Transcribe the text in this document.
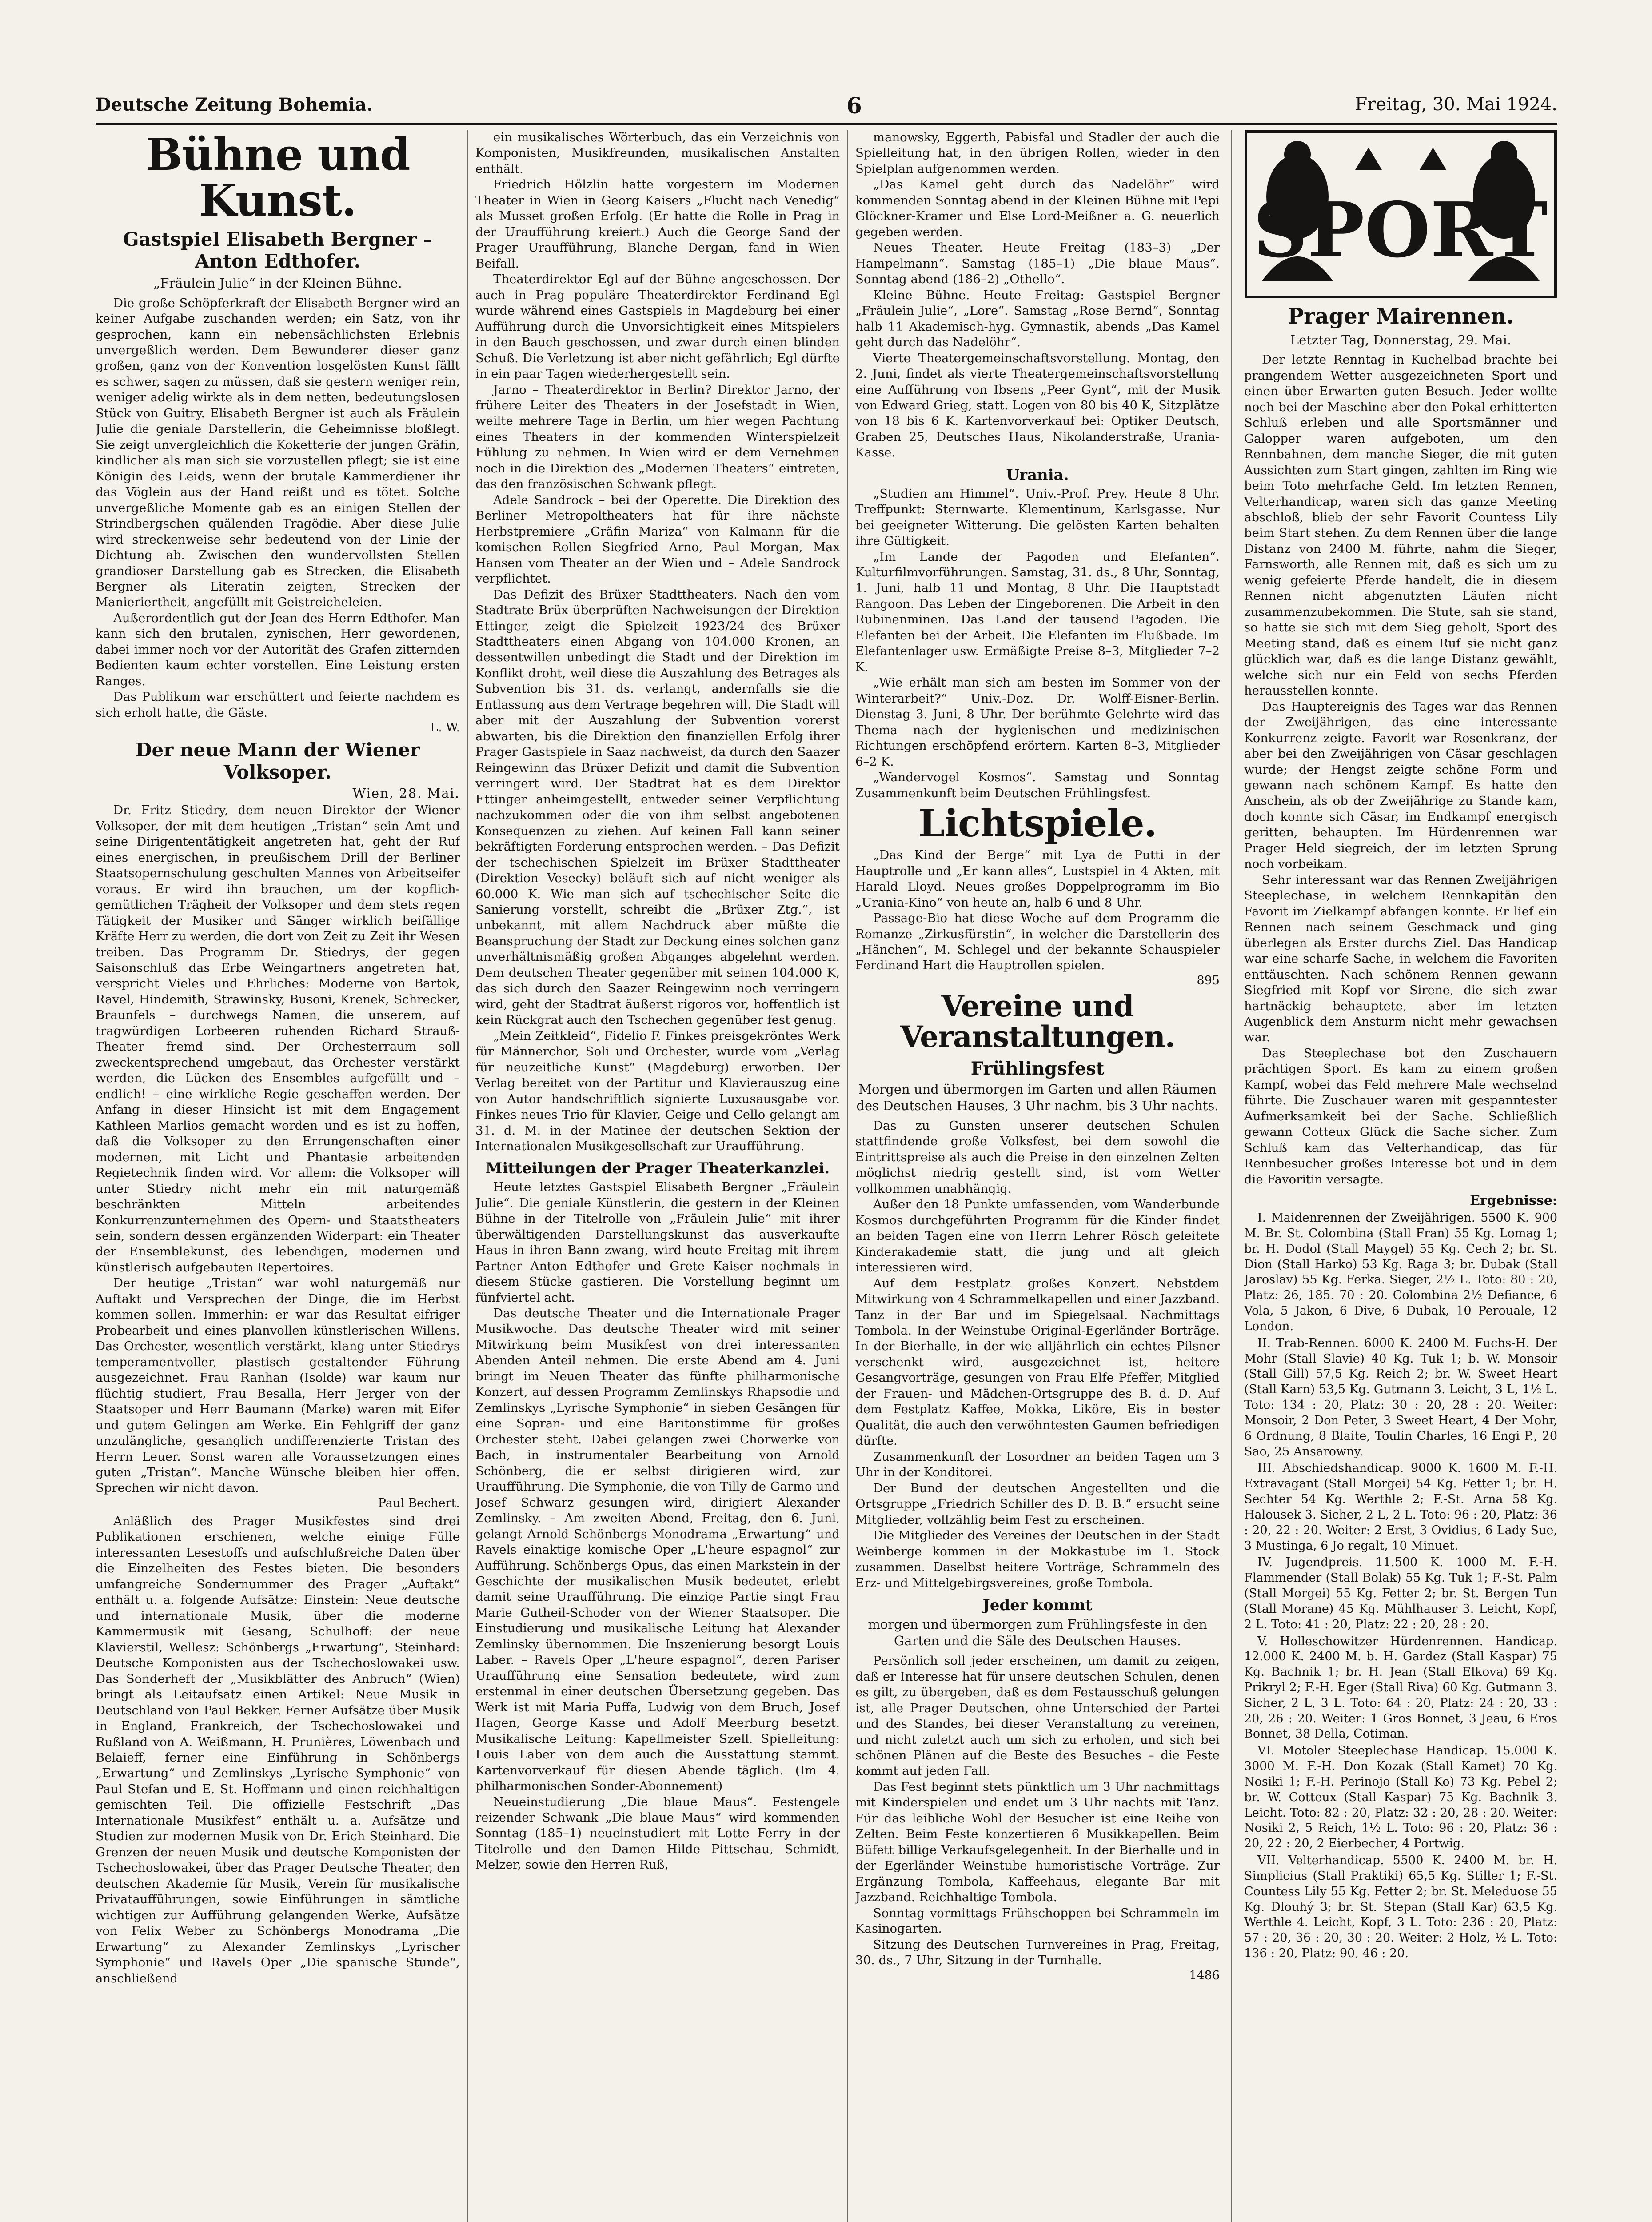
Deutsche Zeitung Bohemia.	6	Freitag, 30. Mai 1924.
Bühne und Kunst.
Gastspiel Elisabeth Bergner – Anton Edthofer.
„Fräulein Julie“ in der Kleinen Bühne.

Die große Schöpferkraft der Elisabeth Bergner wird an keiner Aufgabe zuschanden werden; ein Satz, von ihr gesprochen, kann ein nebensächlichsten Erlebnis unvergeßlich werden. Dem Bewunderer dieser ganz großen, ganz von der Konvention losgelösten Kunst fällt es schwer, sagen zu müssen, daß sie gestern weniger rein, weniger adelig wirkte als in dem netten, bedeutungslosen Stück von Guitry. Elisabeth Bergner ist auch als Fräulein Julie die geniale Darstellerin, die Geheimnisse bloßlegt. Sie zeigt unvergleichlich die Koketterie der jungen Gräfin, kindlicher als man sich sie vorzustellen pflegt; sie ist eine Königin des Leids, wenn der brutale Kammerdiener ihr das Vöglein aus der Hand reißt und es tötet. Solche unvergeßliche Momente gab es an einigen Stellen der Strindbergschen quälenden Tragödie. Aber diese Julie wird streckenweise sehr bedeutend von der Linie der Dichtung ab. Zwischen den wundervollsten Stellen grandioser Darstellung gab es Strecken, die Elisabeth Bergner als Literatin zeigten, Strecken der Manieriertheit, angefüllt mit Geistreicheleien.

Außerordentlich gut der Jean des Herrn Edthofer. Man kann sich den brutalen, zynischen, Herr gewordenen, dabei immer noch vor der Autorität des Grafen zitternden Bedienten kaum echter vorstellen. Eine Leistung ersten Ranges.

Das Publikum war erschüttert und feierte nachdem es sich erholt hatte, die Gäste.

L. W.
Der neue Mann der Wiener Volksoper.
Wien, 28. Mai.

Dr. Fritz Stiedry, dem neuen Direktor der Wiener Volksoper, der mit dem heutigen „Tristan“ sein Amt und seine Dirigententätigkeit angetreten hat, geht der Ruf eines energischen, in preußischem Drill der Berliner Staatsopernschulung geschulten Mannes von Arbeitseifer voraus. Er wird ihn brauchen, um der kopflich-gemütlichen Trägheit der Volksoper und dem stets regen Tätigkeit der Musiker und Sänger wirklich beifällige Kräfte Herr zu werden, die dort von Zeit zu Zeit ihr Wesen treiben. Das Programm Dr. Stiedrys, der gegen Saisonschluß das Erbe Weingartners angetreten hat, verspricht Vieles und Ehrliches: Moderne von Bartok, Ravel, Hindemith, Strawinsky, Busoni, Krenek, Schrecker, Braunfels – durchwegs Namen, die unserem, auf tragwürdigen Lorbeeren ruhenden Richard Strauß-Theater fremd sind. Der Orchesterraum soll zweckentsprechend umgebaut, das Orchester verstärkt werden, die Lücken des Ensembles aufgefüllt und – endlich! – eine wirkliche Regie geschaffen werden. Der Anfang in dieser Hinsicht ist mit dem Engagement Kathleen Marlios gemacht worden und es ist zu hoffen, daß die Volksoper zu den Errungenschaften einer modernen, mit Licht und Phantasie arbeitenden Regietechnik finden wird. Vor allem: die Volksoper will unter Stiedry nicht mehr ein mit naturgemäß beschränkten Mitteln arbeitendes Konkurrenzunternehmen des Opern- und Staatstheaters sein, sondern dessen ergänzenden Widerpart: ein Theater der Ensemblekunst, des lebendigen, modernen und künstlerisch aufgebauten Repertoires.

Der heutige „Tristan“ war wohl naturgemäß nur Auftakt und Versprechen der Dinge, die im Herbst kommen sollen. Immerhin: er war das Resultat eifriger Probearbeit und eines planvollen künstlerischen Willens. Das Orchester, wesentlich verstärkt, klang unter Stiedrys temperamentvoller, plastisch gestaltender Führung ausgezeichnet. Frau Ranhan (Isolde) war kaum nur flüchtig studiert, Frau Besalla, Herr Jerger von der Staatsoper und Herr Baumann (Marke) waren mit Eifer und gutem Gelingen am Werke. Ein Fehlgriff der ganz unzulängliche, gesanglich undifferenzierte Tristan des Herrn Leuer. Sonst waren alle Voraussetzungen eines guten „Tristan“. Manche Wünsche bleiben hier offen. Sprechen wir nicht davon.

Paul Bechert.

Anläßlich des Prager Musikfestes sind drei Publikationen erschienen, welche einige Fülle interessanten Lesestoffs und aufschlußreiche Daten über die Einzelheiten des Festes bieten. Die besonders umfangreiche Sondernummer des Prager „Auftakt“ enthält u. a. folgende Aufsätze: Einstein: Neue deutsche und internationale Musik, über die moderne Kammermusik mit Gesang, Schulhoff: der neue Klavierstil, Wellesz: Schönbergs „Erwartung“, Steinhard: Deutsche Komponisten aus der Tschechoslowakei usw. Das Sonderheft der „Musikblätter des Anbruch“ (Wien) bringt als Leitaufsatz einen Artikel: Neue Musik in Deutschland von Paul Bekker. Ferner Aufsätze über Musik in England, Frankreich, der Tschechoslowakei und Rußland von A. Weißmann, H. Prunières, Löwenbach und Belaieff, ferner eine Einführung in Schönbergs „Erwartung“ und Zemlinskys „Lyrische Symphonie“ von Paul Stefan und E. St. Hoffmann und einen reichhaltigen gemischten Teil. Die offizielle Festschrift „Das Internationale Musikfest“ enthält u. a. Aufsätze und Studien zur modernen Musik von Dr. Erich Steinhard. Die Grenzen der neuen Musik und deutsche Komponisten der Tschechoslowakei, über das Prager Deutsche Theater, den deutschen Akademie für Musik, Verein für musikalische Privataufführungen, sowie Einführungen in sämtliche wichtigen zur Aufführung gelangenden Werke, Aufsätze von Felix Weber zu Schönbergs Monodrama „Die Erwartung“ zu Alexander Zemlinskys „Lyrischer Symphonie“ und Ravels Oper „Die spanische Stunde“, anschließend

ein musikalisches Wörterbuch, das ein Verzeichnis von Komponisten, Musikfreunden, musikalischen Anstalten enthält.

Friedrich Hölzlin hatte vorgestern im Modernen Theater in Wien in Georg Kaisers „Flucht nach Venedig“ als Musset großen Erfolg. (Er hatte die Rolle in Prag in der Uraufführung kreiert.) Auch die George Sand der Prager Uraufführung, Blanche Dergan, fand in Wien Beifall.

Theaterdirektor Egl auf der Bühne angeschossen. Der auch in Prag populäre Theaterdirektor Ferdinand Egl wurde während eines Gastspiels in Magdeburg bei einer Aufführung durch die Unvorsichtigkeit eines Mitspielers in den Bauch geschossen, und zwar durch einen blinden Schuß. Die Verletzung ist aber nicht gefährlich; Egl dürfte in ein paar Tagen wiederhergestellt sein.

Jarno – Theaterdirektor in Berlin? Direktor Jarno, der frühere Leiter des Theaters in der Josefstadt in Wien, weilte mehrere Tage in Berlin, um hier wegen Pachtung eines Theaters in der kommenden Winterspielzeit Fühlung zu nehmen. In Wien wird er dem Vernehmen noch in die Direktion des „Modernen Theaters“ eintreten, das den französischen Schwank pflegt.

Adele Sandrock – bei der Operette. Die Direktion des Berliner Metropoltheaters hat für ihre nächste Herbstpremiere „Gräfin Mariza“ von Kalmann für die komischen Rollen Siegfried Arno, Paul Morgan, Max Hansen vom Theater an der Wien und – Adele Sandrock verpflichtet.

Das Defizit des Brüxer Stadttheaters. Nach den vom Stadtrate Brüx überprüften Nachweisungen der Direktion Ettinger, zeigt die Spielzeit 1923/24 des Brüxer Stadttheaters einen Abgang von 104.000 Kronen, an dessentwillen unbedingt die Stadt und der Direktion im Konflikt droht, weil diese die Auszahlung des Betrages als Subvention bis 31. ds. verlangt, andernfalls sie die Entlassung aus dem Vertrage begehren will. Die Stadt will aber mit der Auszahlung der Subvention vorerst abwarten, bis die Direktion den finanziellen Erfolg ihrer Prager Gastspiele in Saaz nachweist, da durch den Saazer Reingewinn das Brüxer Defizit und damit die Subvention verringert wird. Der Stadtrat hat es dem Direktor Ettinger anheimgestellt, entweder seiner Verpflichtung nachzukommen oder die von ihm selbst angebotenen Konsequenzen zu ziehen. Auf keinen Fall kann seiner bekräftigten Forderung entsprochen werden. – Das Defizit der tschechischen Spielzeit im Brüxer Stadttheater (Direktion Vesecky) beläuft sich auf nicht weniger als 60.000 K. Wie man sich auf tschechischer Seite die Sanierung vorstellt, schreibt die „Brüxer Ztg.“, ist unbekannt, mit allem Nachdruck aber müßte die Beanspruchung der Stadt zur Deckung eines solchen ganz unverhältnismäßig großen Abganges abgelehnt werden. Dem deutschen Theater gegenüber mit seinen 104.000 K, das sich durch den Saazer Reingewinn noch verringern wird, geht der Stadtrat äußerst rigoros vor, hoffentlich ist kein Rückgrat auch den Tschechen gegenüber fest genug.

„Mein Zeitkleid“, Fidelio F. Finkes preisgekröntes Werk für Männerchor, Soli und Orchester, wurde vom „Verlag für neuzeitliche Kunst“ (Magdeburg) erworben. Der Verlag bereitet von der Partitur und Klavierauszug eine von Autor handschriftlich signierte Luxusausgabe vor. Finkes neues Trio für Klavier, Geige und Cello gelangt am 31. d. M. in der Matinee der deutschen Sektion der Internationalen Musikgesellschaft zur Uraufführung.

Mitteilungen der Prager Theaterkanzlei.

Heute letztes Gastspiel Elisabeth Bergner „Fräulein Julie“. Die geniale Künstlerin, die gestern in der Kleinen Bühne in der Titelrolle von „Fräulein Julie“ mit ihrer überwältigenden Darstellungskunst das ausverkaufte Haus in ihren Bann zwang, wird heute Freitag mit ihrem Partner Anton Edthofer und Grete Kaiser nochmals in diesem Stücke gastieren. Die Vorstellung beginnt um fünfviertel acht.

Das deutsche Theater und die Internationale Prager Musikwoche. Das deutsche Theater wird mit seiner Mitwirkung beim Musikfest von drei interessanten Abenden Anteil nehmen. Die erste Abend am 4. Juni bringt im Neuen Theater das fünfte philharmonische Konzert, auf dessen Programm Zemlinskys Rhapsodie und Zemlinskys „Lyrische Symphonie“ in sieben Gesängen für eine Sopran- und eine Baritonstimme für großes Orchester steht. Dabei gelangen zwei Chorwerke von Bach, in instrumentaler Bearbeitung von Arnold Schönberg, die er selbst dirigieren wird, zur Uraufführung. Die Symphonie, die von Tilly de Garmo und Josef Schwarz gesungen wird, dirigiert Alexander Zemlinsky. – Am zweiten Abend, Freitag, den 6. Juni, gelangt Arnold Schönbergs Monodrama „Erwartung“ und Ravels einaktige komische Oper „L'heure espagnol“ zur Aufführung. Schönbergs Opus, das einen Markstein in der Geschichte der musikalischen Musik bedeutet, erlebt damit seine Uraufführung. Die einzige Partie singt Frau Marie Gutheil-Schoder von der Wiener Staatsoper. Die Einstudierung und musikalische Leitung hat Alexander Zemlinsky übernommen. Die Inszenierung besorgt Louis Laber. – Ravels Oper „L'heure espagnol“, deren Pariser Uraufführung eine Sensation bedeutete, wird zum erstenmal in einer deutschen Übersetzung gegeben. Das Werk ist mit Maria Puffa, Ludwig von dem Bruch, Josef Hagen, George Kasse und Adolf Meerburg besetzt. Musikalische Leitung: Kapellmeister Szell. Spielleitung: Louis Laber von dem auch die Ausstattung stammt. Kartenvorverkauf für diesen Abende täglich. (Im 4. philharmonischen Sonder-Abonnement)

Neueinstudierung „Die blaue Maus“. Festengele reizender Schwank „Die blaue Maus“ wird kommenden Sonntag (185–1) neueinstudiert mit Lotte Ferry in der Titelrolle und den Damen Hilde Pittschau, Schmidt, Melzer, sowie den Herren Ruß,

manowsky, Eggerth, Pabisfal und Stadler der auch die Spielleitung hat, in den übrigen Rollen, wieder in den Spielplan aufgenommen werden.

„Das Kamel geht durch das Nadelöhr“ wird kommenden Sonntag abend in der Kleinen Bühne mit Pepi Glöckner-Kramer und Else Lord-Meißner a. G. neuerlich gegeben werden.

Neues Theater. Heute Freitag (183–3) „Der Hampelmann“. Samstag (185–1) „Die blaue Maus“. Sonntag abend (186–2) „Othello“.

Kleine Bühne. Heute Freitag: Gastspiel Bergner „Fräulein Julie“, „Lore“. Samstag „Rose Bernd“, Sonntag halb 11 Akademisch-hyg. Gymnastik, abends „Das Kamel geht durch das Nadelöhr“.

Vierte Theatergemeinschaftsvorstellung. Montag, den 2. Juni, findet als vierte Theatergemeinschaftsvorstellung eine Aufführung von Ibsens „Peer Gynt“, mit der Musik von Edward Grieg, statt. Logen von 80 bis 40 K, Sitzplätze von 18 bis 6 K. Kartenvorverkauf bei: Optiker Deutsch, Graben 25, Deutsches Haus, Nikolanderstraße, Urania-Kasse.

Urania.

„Studien am Himmel“. Univ.-Prof. Prey. Heute 8 Uhr. Treffpunkt: Sternwarte. Klementinum, Karlsgasse. Nur bei geeigneter Witterung. Die gelösten Karten behalten ihre Gültigkeit.

„Im Lande der Pagoden und Elefanten“. Kulturfilmvorführungen. Samstag, 31. ds., 8 Uhr, Sonntag, 1. Juni, halb 11 und Montag, 8 Uhr. Die Hauptstadt Rangoon. Das Leben der Eingeborenen. Die Arbeit in den Rubinenminen. Das Land der tausend Pagoden. Die Elefanten bei der Arbeit. Die Elefanten im Flußbade. Im Elefantenlager usw. Ermäßigte Preise 8–3, Mitglieder 7–2 K.

„Wie erhält man sich am besten im Sommer von der Winterarbeit?“ Univ.-Doz. Dr. Wolff-Eisner-Berlin. Dienstag 3. Juni, 8 Uhr. Der berühmte Gelehrte wird das Thema nach der hygienischen und medizinischen Richtungen erschöpfend erörtern. Karten 8–3, Mitglieder 6–2 K.

„Wandervogel Kosmos“. Samstag und Sonntag Zusammenkunft beim Deutschen Frühlingsfest.

Lichtspiele.

„Das Kind der Berge“ mit Lya de Putti in der Hauptrolle und „Er kann alles“, Lustspiel in 4 Akten, mit Harald Lloyd. Neues großes Doppelprogramm im Bio „Urania-Kino“ von heute an, halb 6 und 8 Uhr.

Passage-Bio hat diese Woche auf dem Programm die Romanze „Zirkusfürstin“, in welcher die Darstellerin des „Hänchen“, M. Schlegel und der bekannte Schauspieler Ferdinand Hart die Hauptrollen spielen.

895
Vereine und Veranstaltungen.
Frühlingsfest
Morgen und übermorgen im Garten und allen Räumen des Deutschen Hauses, 3 Uhr nachm. bis 3 Uhr nachts.

Das zu Gunsten unserer deutschen Schulen stattfindende große Volksfest, bei dem sowohl die Eintrittspreise als auch die Preise in den einzelnen Zelten möglichst niedrig gestellt sind, ist vom Wetter vollkommen unabhängig.

Außer den 18 Punkte umfassenden, vom Wanderbunde Kosmos durchgeführten Programm für die Kinder findet an beiden Tagen eine von Herrn Lehrer Rösch geleitete Kinderakademie statt, die jung und alt gleich interessieren wird.

Auf dem Festplatz großes Konzert. Nebstdem Mitwirkung von 4 Schrammelkapellen und einer Jazzband. Tanz in der Bar und im Spiegelsaal. Nachmittags Tombola. In der Weinstube Original-Egerländer Borträge. In der Bierhalle, in der wie alljährlich ein echtes Pilsner verschenkt wird, ausgezeichnet ist, heitere Gesangvorträge, gesungen von Frau Elfe Pfeffer, Mitglied der Frauen- und Mädchen-Ortsgruppe des B. d. D. Auf dem Festplatz Kaffee, Mokka, Liköre, Eis in bester Qualität, die auch den verwöhntesten Gaumen befriedigen dürfte.

Zusammenkunft der Losordner an beiden Tagen um 3 Uhr in der Konditorei.

Der Bund der deutschen Angestellten und die Ortsgruppe „Friedrich Schiller des D. B. B.“ ersucht seine Mitglieder, vollzählig beim Fest zu erscheinen.

Die Mitglieder des Vereines der Deutschen in der Stadt Weinberge kommen in der Mokkastube im 1. Stock zusammen. Daselbst heitere Vorträge, Schrammeln des Erz- und Mittelgebirgsvereines, große Tombola.

Jeder kommt
morgen und übermorgen zum Frühlingsfeste in den Garten und die Säle des Deutschen Hauses.

Persönlich soll jeder erscheinen, um damit zu zeigen, daß er Interesse hat für unsere deutschen Schulen, denen es gilt, zu übergeben, daß es dem Festausschuß gelungen ist, alle Prager Deutschen, ohne Unterschied der Partei und des Standes, bei dieser Veranstaltung zu vereinen, und nicht zuletzt auch um sich zu erholen, und sich bei schönen Plänen auf die Beste des Besuches – die Feste kommt auf jeden Fall.

Das Fest beginnt stets pünktlich um 3 Uhr nachmittags mit Kinderspielen und endet um 3 Uhr nachts mit Tanz. Für das leibliche Wohl der Besucher ist eine Reihe von Zelten. Beim Feste konzertieren 6 Musikkapellen. Beim Büfett billige Verkaufsgelegenheit. In der Bierhalle und in der Egerländer Weinstube humoristische Vorträge. Zur Ergänzung Tombola, Kaffeehaus, elegante Bar mit Jazzband. Reichhaltige Tombola.

Sonntag vormittags Frühschoppen bei Schrammeln im Kasinogarten.

Sitzung des Deutschen Turnvereines in Prag, Freitag, 30. ds., 7 Uhr, Sitzung in der Turnhalle.

1486
SPORT
Prager Mairennen.
Letzter Tag, Donnerstag, 29. Mai.

Der letzte Renntag in Kuchelbad brachte bei prangendem Wetter ausgezeichneten Sport und einen über Erwarten guten Besuch. Jeder wollte noch bei der Maschine aber den Pokal erhitterten Schluß erleben und alle Sportsmänner und Galopper waren aufgeboten, um den Rennbahnen, dem manche Sieger, die mit guten Aussichten zum Start gingen, zahlten im Ring wie beim Toto mehrfache Geld. Im letzten Rennen, Velterhandicap, waren sich das ganze Meeting abschloß, blieb der sehr Favorit Countess Lily beim Start stehen. Zu dem Rennen über die lange Distanz von 2400 M. führte, nahm die Sieger, Farnsworth, alle Rennen mit, daß es sich um zu wenig gefeierte Pferde handelt, die in diesem Rennen nicht abgenutzten Läufen nicht zusammenzubekommen. Die Stute, sah sie stand, so hatte sie sich mit dem Sieg geholt, Sport des Meeting stand, daß es einem Ruf sie nicht ganz glücklich war, daß es die lange Distanz gewählt, welche sich nur ein Feld von sechs Pferden herausstellen konnte.

Das Hauptereignis des Tages war das Rennen der Zweijährigen, das eine interessante Konkurrenz zeigte. Favorit war Rosenkranz, der aber bei den Zweijährigen von Cäsar geschlagen wurde; der Hengst zeigte schöne Form und gewann nach schönem Kampf. Es hatte den Anschein, als ob der Zweijährige zu Stande kam, doch konnte sich Cäsar, im Endkampf energisch geritten, behaupten. Im Hürdenrennen war Prager Held siegreich, der im letzten Sprung noch vorbeikam.

Sehr interessant war das Rennen Zweijährigen Steeplechase, in welchem Rennkapitän den Favorit im Zielkampf abfangen konnte. Er lief ein Rennen nach seinem Geschmack und ging überlegen als Erster durchs Ziel. Das Handicap war eine scharfe Sache, in welchem die Favoriten enttäuschten. Nach schönem Rennen gewann Siegfried mit Kopf vor Sirene, die sich zwar hartnäckig behauptete, aber im letzten Augenblick dem Ansturm nicht mehr gewachsen war.

Das Steeplechase bot den Zuschauern prächtigen Sport. Es kam zu einem großen Kampf, wobei das Feld mehrere Male wechselnd führte. Die Zuschauer waren mit gespanntester Aufmerksamkeit bei der Sache. Schließlich gewann Cotteux Glück die Sache sicher. Zum Schluß kam das Velterhandicap, das für Rennbesucher großes Interesse bot und in dem die Favoritin versagte.

Ergebnisse:
I. Maidenrennen der Zweijährigen. 5500 K. 900 M. Br. St. Colombina (Stall Fran) 55 Kg. Lomag 1; br. H. Dodol (Stall Maygel) 55 Kg. Cech 2; br. St. Dion (Stall Harko) 53 Kg. Raga 3; br. Dubak (Stall Jaroslav) 55 Kg. Ferka. Sieger, 2½ L. Toto: 80 : 20, Platz: 26, 185. 70 : 20. Colombina 2½ Defiance, 6 Vola, 5 Jakon, 6 Dive, 6 Dubak, 10 Perouale, 12 London.
II. Trab-Rennen. 6000 K. 2400 M. Fuchs-H. Der Mohr (Stall Slavie) 40 Kg. Tuk 1; b. W. Monsoir (Stall Gill) 57,5 Kg. Reich 2; br. W. Sweet Heart (Stall Karn) 53,5 Kg. Gutmann 3. Leicht, 3 L, 1½ L. Toto: 134 : 20, Platz: 30 : 20, 28 : 20. Weiter: Monsoir, 2 Don Peter, 3 Sweet Heart, 4 Der Mohr, 6 Ordnung, 8 Blaite, Toulin Charles, 16 Engi P., 20 Sao, 25 Ansarowny.
III. Abschiedshandicap. 9000 K. 1600 M. F.-H. Extravagant (Stall Morgei) 54 Kg. Fetter 1; br. H. Sechter 54 Kg. Werthle 2; F.-St. Arna 58 Kg. Halousek 3. Sicher, 2 L, 2 L. Toto: 96 : 20, Platz: 36 : 20, 22 : 20. Weiter: 2 Erst, 3 Ovidius, 6 Lady Sue, 3 Mustinga, 6 Jo regalt, 10 Minuet.
IV. Jugendpreis. 11.500 K. 1000 M. F.-H. Flammender (Stall Bolak) 55 Kg. Tuk 1; F.-St. Palm (Stall Morgei) 55 Kg. Fetter 2; br. St. Bergen Tun (Stall Morane) 45 Kg. Mühlhauser 3. Leicht, Kopf, 2 L. Toto: 41 : 20, Platz: 22 : 20, 28 : 20.
V. Holleschowitzer Hürdenrennen. Handicap. 12.000 K. 2400 M. b. H. Gardez (Stall Kaspar) 75 Kg. Bachnik 1; br. H. Jean (Stall Elkova) 69 Kg. Prikryl 2; F.-H. Eger (Stall Riva) 60 Kg. Gutmann 3. Sicher, 2 L, 3 L. Toto: 64 : 20, Platz: 24 : 20, 33 : 20, 26 : 20. Weiter: 1 Gros Bonnet, 3 Jeau, 6 Eros Bonnet, 38 Della, Cotiman.
VI. Motoler Steeplechase Handicap. 15.000 K. 3000 M. F.-H. Don Kozak (Stall Kamet) 70 Kg. Nosiki 1; F.-H. Perinojo (Stall Ko) 73 Kg. Pebel 2; br. W. Cotteux (Stall Kaspar) 75 Kg. Bachnik 3. Leicht. Toto: 82 : 20, Platz: 32 : 20, 28 : 20. Weiter: Nosiki 2, 5 Reich, 1½ L. Toto: 96 : 20, Platz: 36 : 20, 22 : 20, 2 Eierbecher, 4 Portwig.
VII. Velterhandicap. 5500 K. 2400 M. br. H. Simplicius (Stall Praktiki) 65,5 Kg. Stiller 1; F.-St. Countess Lily 55 Kg. Fetter 2; br. St. Meleduose 55 Kg. Dlouhý 3; br. St. Stepan (Stall Kar) 63,5 Kg. Werthle 4. Leicht, Kopf, 3 L. Toto: 236 : 20, Platz: 57 : 20, 36 : 20, 30 : 20. Weiter: 2 Holz, ½ L. Toto: 136 : 20, Platz: 90, 46 : 20.
